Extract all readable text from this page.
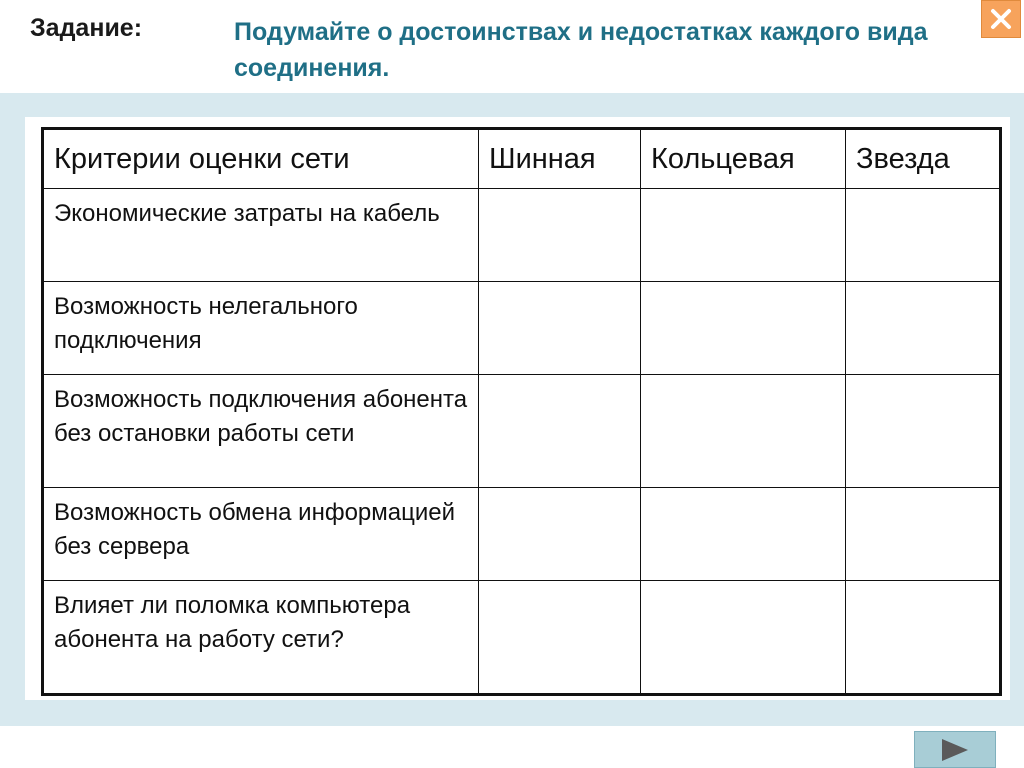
Задание:	Подумайте о достоинствах и недостатках каждого вида соединения.
Критерии оценки сети	Шинная	Кольцевая	Звезда
Экономические затраты на кабель			
Возможность нелегального подключения			
Возможность подключения абонента без остановки работы сети			
Возможность обмена информацией без сервера			
Влияет ли поломка компьютера абонента на работу сети?			
